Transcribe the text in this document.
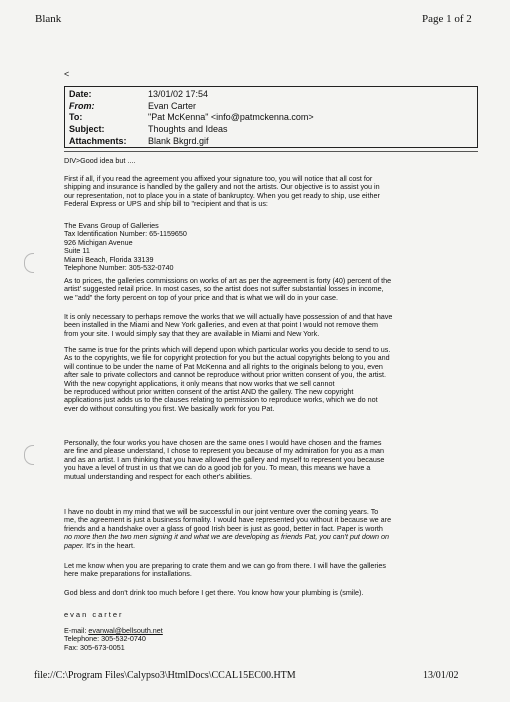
Blank	Page 1 of 2
<
Date:	13/01/02 17:54
From:	Evan Carter
To:	"Pat McKenna" <info@patmckenna.com>
Subject:	Thoughts and Ideas
Attachments: Blank Bkgrd.gif
DIV>Good idea but ....
First if all, if you read the agreement you affixed your signature too, you will notice that all cost for
shipping and insurance is handled by the gallery and not the artists. Our objective is to assist you in
our representation, not to place you in a state of bankruptcy. When you get ready to ship, use either
Federal Express or UPS and ship bill to "recipient and that is us:
The Evans Group of Galleries
Tax Identification Number: 65-1159650
926 Michigan Avenue
Suite 11
Miami Beach, Florida 33139
Telephone Number: 305-532-0740
As to prices, the galleries commissions on works of art as per the agreement is forty (40) percent of the
artist' suggested retail price. In most cases, so the artist does not suffer substantial losses in income,
we "add" the forty percent on top of your price and that is what we will do in your case.
It is only necessary to perhaps remove the works that we will actually have possession of and that have
been installed in the Miami and New York galleries, and even at that point I would not remove them
from your site. I would simply say that they are available in Miami and New York.
The same is true for the prints which will depend upon which particular works you decide to send to us.
As to the copyrights, we file for copyright protection for you but the actual copyrights belong to you and
will continue to be under the name of Pat McKenna and all rights to the originals belong to you, even
after sale to private collectors and cannot be reproduce without prior written consent of you, the artist.
With the new copyright applications, it only means that now works that we sell cannot
be reproduced without prior written consent of the artist AND the gallery. The new copyright
applications just adds us to the clauses relating to permission to reproduce works, which we do not
ever do without consulting you first. We basically work for you Pat.
Personally, the four works you have chosen are the same ones I would have chosen and the frames
are fine and please understand, I chose to represent you because of my admiration for you as a man
and as an artist. I am thinking that you have allowed the gallery and myself to represent you because
you have a level of trust in us that we can do a good job for you. To mean, this means we have a
mutual understanding and respect for each other's abilities.
I have no doubt in my mind that we will be successful in our joint venture over the coming years. To
me, the agreement is just a business formality. I would have represented you without it because we are
friends and a handshake over a glass of good Irish beer is just as good, better in fact. Paper is worth
no more then the two men signing it and what we are developing as friends Pat, you can't put down on
paper. It's in the heart.
Let me know when you are preparing to crate them and we can go from there. I will have the galleries
here make preparations for installations.
God bless and don't drink too much before I get there. You know how your plumbing is (smile).
evan carter
E-mail: evanwal@bellsouth.net
Telephone: 305-532-0740
Fax: 305-673-0051
file://C:\Program Files\Calypso3\HtmlDocs\CCAL15EC00.HTM	13/01/02
